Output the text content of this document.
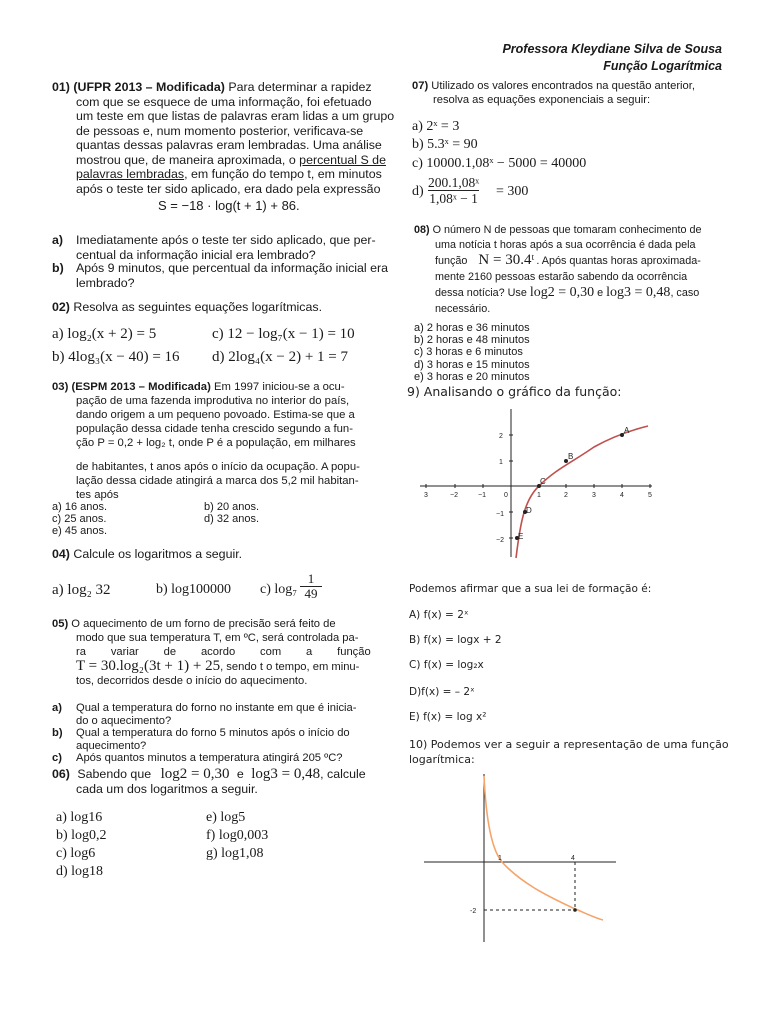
Professora Kleydiane Silva de Sousa
Função Logarítmica
01) (UFPR 2013 – Modificada) Para determinar a rapidez
com que se esquece de uma informação, foi efetuado
um teste em que listas de palavras eram lidas a um grupo
de pessoas e, num momento posterior, verificava-se
quantas dessas palavras eram lembradas. Uma análise
mostrou que, de maneira aproximada, o percentual S de
palavras lembradas, em função do tempo t, em minutos
após o teste ter sido aplicado, era dado pela expressão
S = −18 · log(t + 1) + 86.
a) Imediatamente após o teste ter sido aplicado, que per-
centual da informação inicial era lembrado?
b) Após 9 minutos, que percentual da informação inicial era
lembrado?
02) Resolva as seguintes equações logarítmicas.
a) log₂(x + 2) = 5	c) 12 − log₇(x − 1) = 10
b) 4log₃(x − 40) = 16 d) 2log₄(x − 2) + 1 = 7
03) (ESPM 2013 – Modificada) Em 1997 iniciou-se a ocu-
pação de uma fazenda improdutiva no interior do país,
dando origem a um pequeno povoado. Estima-se que a
população dessa cidade tenha crescido segundo a fun-
ção P = 0,2 + log₂ t, onde P é a população, em milhares
de habitantes, t anos após o início da ocupação. A popu-
lação dessa cidade atingirá a marca dos 5,2 mil habitan-
tes após
a) 16 anos.	b) 20 anos.
c) 25 anos.	d) 32 anos.
e) 45 anos.
04) Calcule os logaritmos a seguir.
a) log₂ 32	b) log100000 c) $\log_7 \frac{1}{49}$
05) O aquecimento de um forno de precisão será feito de
modo que sua temperatura T, em ºC, será controlada pa-
ra        variar        de        acordo        com        a        função
T = 30.log₂(3t + 1) + 25, sendo t o tempo, em minu-
tos, decorridos desde o início do aquecimento.
a) Qual a temperatura do forno no instante em que é inicia-
do o aquecimento?
b) Qual a temperatura do forno 5 minutos após o início do
aquecimento?
c) Após quantos minutos a temperatura atingirá 205 ºC?
06) Sabendo que log2 = 0,30 e log3 = 0,48, calcule
cada um dos logaritmos a seguir.
a) log16	e) log5
b) log0,2	f) log0,003
c) log6	g) log1,08
d) log18
07) Utilizado os valores encontrados na questão anterior,
resolva as equações exponenciais a seguir:
a) 2ˣ = 3
b) 5.3ˣ = 90
c) 10000.1,08ˣ − 5000 = 40000
$d) \frac{\text{200.1,08ˣ}}{\text{1,08ˣ − 1}} = 300$
08) O número N de pessoas que tomaram conhecimento de
uma notícia t horas após a sua ocorrência é dada pela
função N = 30.4ᵗ . Após quantas horas aproximada-
mente 2160 pessoas estarão sabendo da ocorrência
dessa notícia? Use log2 = 0,30 e log3 = 0,48, caso
necessário.
a) 2 horas e 36 minutos
b) 2 horas e 48 minutos
c) 3 horas e 6 minutos
d) 3 horas e 15 minutos
e) 3 horas e 20 minutos
9) Analisando o gráfico da função:
3	−2	−1	0	1	2	3	4	5
2
1
−1
−2
A
B
C
D
E
Podemos afirmar que a sua lei de formação é:
A) f(x) = 2ˣ
B) f(x) = logx + 2
C) f(x) = log₂x
D)f(x) = – 2ˣ
E) f(x) = log x²
10) Podemos ver a seguir a representação de uma função
logarítmica:
1	4
-2
